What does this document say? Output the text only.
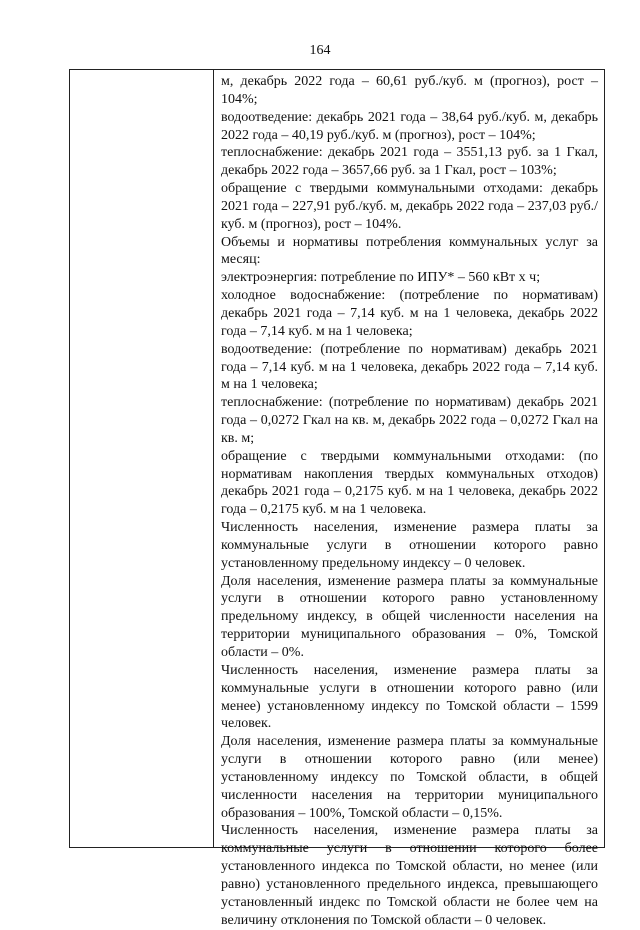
164

м, декабрь 2022 года – 60,61 руб./куб. м (прогноз), рост – 104%;

водоотведение: декабрь 2021 года – 38,64 руб./куб. м, декабрь 2022 года – 40,19 руб./куб. м (прогноз), рост – 104%;

теплоснабжение: декабрь 2021 года – 3551,13 руб. за 1 Гкал, декабрь 2022 года – 3657,66 руб. за 1 Гкал, рост – 103%;

обращение с твердыми коммунальными отходами: декабрь 2021 года – 227,91 руб./куб. м, декабрь 2022 года – 237,03 руб./куб. м (прогноз), рост – 104%.

Объемы и нормативы потребления коммунальных услуг за месяц:

электроэнергия: потребление по ИПУ* – 560 кВт х ч;

холодное водоснабжение: (потребление по нормативам) декабрь 2021 года – 7,14 куб. м на 1 человека, декабрь 2022 года – 7,14 куб. м на 1 человека;

водоотведение: (потребление по нормативам) декабрь 2021 года – 7,14 куб. м на 1 человека, декабрь 2022 года – 7,14 куб. м на 1 человека;

теплоснабжение: (потребление по нормативам) декабрь 2021 года – 0,0272 Гкал на кв. м, декабрь 2022 года – 0,0272 Гкал на кв. м;

обращение с твердыми коммунальными отходами: (по нормативам накопления твердых коммунальных отходов) декабрь 2021 года – 0,2175 куб. м на 1 человека, декабрь 2022 года – 0,2175 куб. м на 1 человека.

Численность населения, изменение размера платы за коммунальные услуги в отношении которого равно установленному предельному индексу – 0 человек.

Доля населения, изменение размера платы за коммунальные услуги в отношении которого равно установленному предельному индексу, в общей численности населения на территории муниципального образования – 0%, Томской области – 0%.

Численность населения, изменение размера платы за коммунальные услуги в отношении которого равно (или менее) установленному индексу по Томской области – 1599 человек.

Доля населения, изменение размера платы за коммунальные услуги в отношении которого равно (или менее) установленному индексу по Томской области, в общей численности населения на территории муниципального образования – 100%, Томской области – 0,15%.

Численность населения, изменение размера платы за коммунальные услуги в отношении которого более установленного индекса по Томской области, но менее (или равно) установленного предельного индекса, превышающего установленный индекс по Томской области не более чем на величину отклонения по Томской области – 0 человек.
